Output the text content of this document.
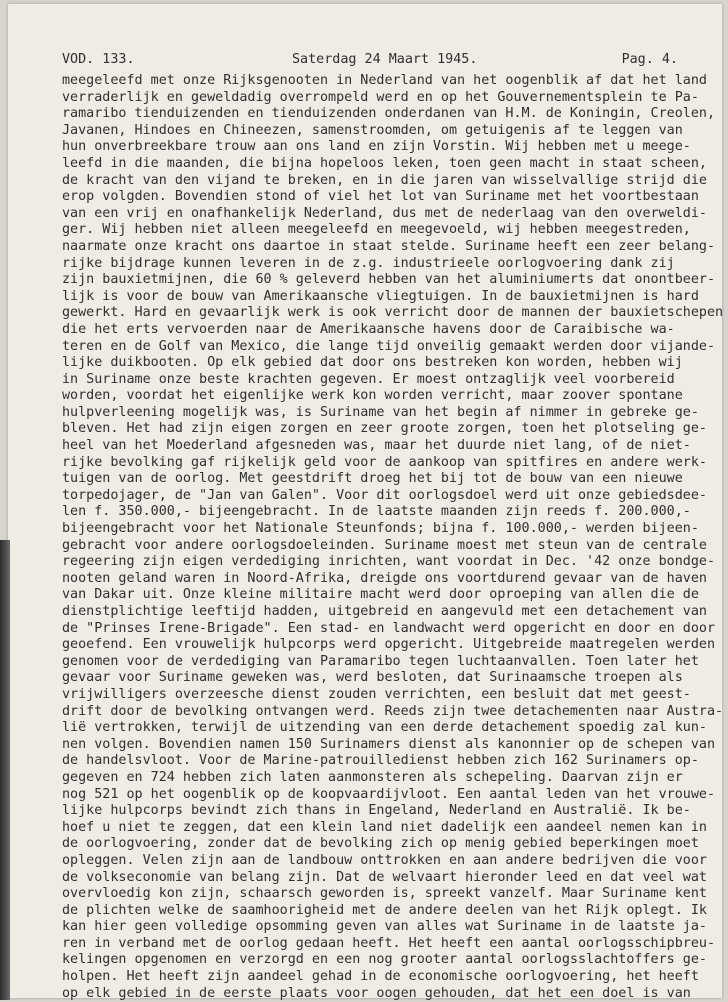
VOD. 133.	Saterdag 24 Maart 1945.	Pag. 4.
meegeleefd met onze Rijksgenooten in Nederland van het oogenblik af dat het land
verraderlijk en geweldadig overrompeld werd en op het Gouvernementsplein te Pa-
ramaribo tienduizenden en tienduizenden onderdanen van H.M. de Koningin, Creolen,
Javanen, Hindoes en Chineezen, samenstroomden, om getuigenis af te leggen van
hun onverbreekbare trouw aan ons land en zijn Vorstin. Wij hebben met u meege-
leefd in die maanden, die bijna hopeloos leken, toen geen macht in staat scheen,
de kracht van den vijand te breken, en in die jaren van wisselvallige strijd die
erop volgden. Bovendien stond of viel het lot van Suriname met het voortbestaan
van een vrij en onafhankelijk Nederland, dus met de nederlaag van den overweldi-
ger. Wij hebben niet alleen meegeleefd en meegevoeld, wij hebben meegestreden,
naarmate onze kracht ons daartoe in staat stelde. Suriname heeft een zeer belang-
rijke bijdrage kunnen leveren in de z.g. industrieele oorlogvoering dank zij
zijn bauxietmijnen, die 60 % geleverd hebben van het aluminiumerts dat onontbeer-
lijk is voor de bouw van Amerikaansche vliegtuigen. In de bauxietmijnen is hard
gewerkt. Hard en gevaarlijk werk is ook verricht door de mannen der bauxietschepen
die het erts vervoerden naar de Amerikaansche havens door de Caraibische wa-
teren en de Golf van Mexico, die lange tijd onveilig gemaakt werden door vijande-
lijke duikbooten. Op elk gebied dat door ons bestreken kon worden, hebben wij
in Suriname onze beste krachten gegeven. Er moest ontzaglijk veel voorbereid
worden, voordat het eigenlijke werk kon worden verricht, maar zoover spontane
hulpverleening mogelijk was, is Suriname van het begin af nimmer in gebreke ge-
bleven. Het had zijn eigen zorgen en zeer groote zorgen, toen het plotseling ge-
heel van het Moederland afgesneden was, maar het duurde niet lang, of de niet-
rijke bevolking gaf rijkelijk geld voor de aankoop van spitfires en andere werk-
tuigen van de oorlog. Met geestdrift droeg het bij tot de bouw van een nieuwe
torpedojager, de "Jan van Galen". Voor dit oorlogsdoel werd uit onze gebiedsdee-
len f. 350.000,- bijeengebracht. In de laatste maanden zijn reeds f. 200.000,-
bijeengebracht voor het Nationale Steunfonds; bijna f. 100.000,- werden bijeen-
gebracht voor andere oorlogsdoeleinden. Suriname moest met steun van de centrale
regeering zijn eigen verdediging inrichten, want voordat in Dec. '42 onze bondge-
nooten geland waren in Noord-Afrika, dreigde ons voortdurend gevaar van de haven
van Dakar uit. Onze kleine militaire macht werd door oproeping van allen die de
dienstplichtige leeftijd hadden, uitgebreid en aangevuld met een detachement van
de "Prinses Irene-Brigade". Een stad- en landwacht werd opgericht en door en door
geoefend. Een vrouwelijk hulpcorps werd opgericht. Uitgebreide maatregelen werden
genomen voor de verdediging van Paramaribo tegen luchtaanvallen. Toen later het
gevaar voor Suriname geweken was, werd besloten, dat Surinaamsche troepen als
vrijwilligers overzeesche dienst zouden verrichten, een besluit dat met geest-
drift door de bevolking ontvangen werd. Reeds zijn twee detachementen naar Austra-
lië vertrokken, terwijl de uitzending van een derde detachement spoedig zal kun-
nen volgen. Bovendien namen 150 Surinamers dienst als kanonnier op de schepen van
de handelsvloot. Voor de Marine-patrouilledienst hebben zich 162 Surinamers op-
gegeven en 724 hebben zich laten aanmonsteren als schepeling. Daarvan zijn er
nog 521 op het oogenblik op de koopvaardijvloot. Een aantal leden van het vrouwe-
lijke hulpcorps bevindt zich thans in Engeland, Nederland en Australië. Ik be-
hoef u niet te zeggen, dat een klein land niet dadelijk een aandeel nemen kan in
de oorlogvoering, zonder dat de bevolking zich op menig gebied beperkingen moet
opleggen. Velen zijn aan de landbouw onttrokken en aan andere bedrijven die voor
de volkseconomie van belang zijn. Dat de welvaart hieronder leed en dat veel wat
overvloedig kon zijn, schaarsch geworden is, spreekt vanzelf. Maar Suriname kent
de plichten welke de saamhoorigheid met de andere deelen van het Rijk oplegt. Ik
kan hier geen volledige opsomming geven van alles wat Suriname in de laatste ja-
ren in verband met de oorlog gedaan heeft. Het heeft een aantal oorlogsschipbreu-
kelingen opgenomen en verzorgd en een nog grooter aantal oorlogsslachtoffers ge-
holpen. Het heeft zijn aandeel gehad in de economische oorlogvoering, het heeft
op elk gebied in de eerste plaats voor oogen gehouden, dat het een doel is van
